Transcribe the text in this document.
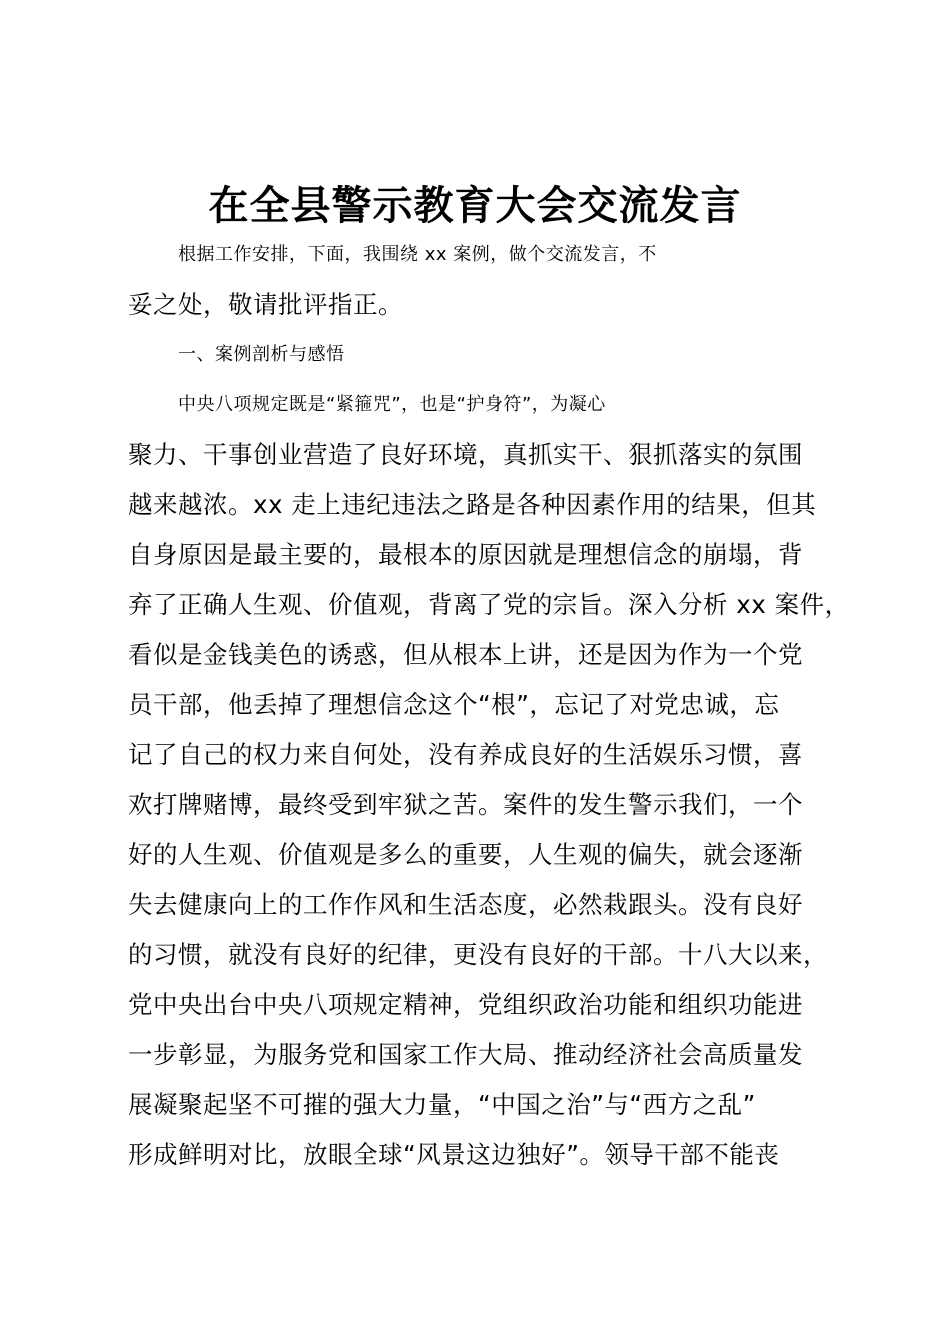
在全县警示教育大会交流发言
根据工作安排，下面，我围绕 xx 案例，做个交流发言，不
妥之处，敬请批评指正。
一、案例剖析与感悟
中央八项规定既是“紧箍咒”，也是“护身符”，为凝心
聚力、干事创业营造了良好环境，真抓实干、狠抓落实的氛围
越来越浓。xx 走上违纪违法之路是各种因素作用的结果，但其
自身原因是最主要的，最根本的原因就是理想信念的崩塌，背
弃了正确人生观、价值观，背离了党的宗旨。深入分析 xx 案件，
看似是金钱美色的诱惑，但从根本上讲，还是因为作为一个党
员干部，他丢掉了理想信念这个“根”，忘记了对党忠诚，忘
记了自己的权力来自何处，没有养成良好的生活娱乐习惯，喜
欢打牌赌博，最终受到牢狱之苦。案件的发生警示我们，一个
好的人生观、价值观是多么的重要，人生观的偏失，就会逐渐
失去健康向上的工作作风和生活态度，必然栽跟头。没有良好
的习惯，就没有良好的纪律，更没有良好的干部。十八大以来，
党中央出台中央八项规定精神，党组织政治功能和组织功能进
一步彰显，为服务党和国家工作大局、推动经济社会高质量发
展凝聚起坚不可摧的强大力量，“中国之治”与“西方之乱”
形成鲜明对比，放眼全球“风景这边独好”。领导干部不能丧
